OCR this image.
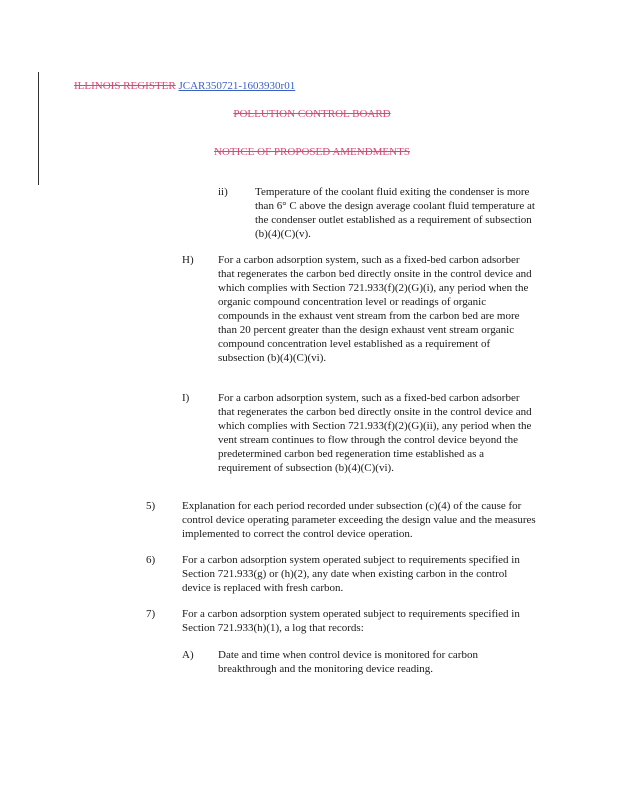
ILLINOIS REGISTER JCAR350721-1603930r01
POLLUTION CONTROL BOARD
NOTICE OF PROPOSED AMENDMENTS
ii) Temperature of the coolant fluid exiting the condenser is more than 6° C above the design average coolant fluid temperature at the condenser outlet established as a requirement of subsection (b)(4)(C)(v).
H) For a carbon adsorption system, such as a fixed-bed carbon adsorber that regenerates the carbon bed directly onsite in the control device and which complies with Section 721.933(f)(2)(G)(i), any period when the organic compound concentration level or readings of organic compounds in the exhaust vent stream from the carbon bed are more than 20 percent greater than the design exhaust vent stream organic compound concentration level established as a requirement of subsection (b)(4)(C)(vi).
I)	For a carbon adsorption system, such as a fixed-bed carbon adsorber that regenerates the carbon bed directly onsite in the control device and which complies with Section 721.933(f)(2)(G)(ii), any period when the vent stream continues to flow through the control device beyond the predetermined carbon bed regeneration time established as a requirement of subsection (b)(4)(C)(vi).
5) Explanation for each period recorded under subsection (c)(4) of the cause for control device operating parameter exceeding the design value and the measures implemented to correct the control device operation.
6) For a carbon adsorption system operated subject to requirements specified in Section 721.933(g) or (h)(2), any date when existing carbon in the control device is replaced with fresh carbon.
7) For a carbon adsorption system operated subject to requirements specified in Section 721.933(h)(1), a log that records:
A) Date and time when control device is monitored for carbon breakthrough and the monitoring device reading.
